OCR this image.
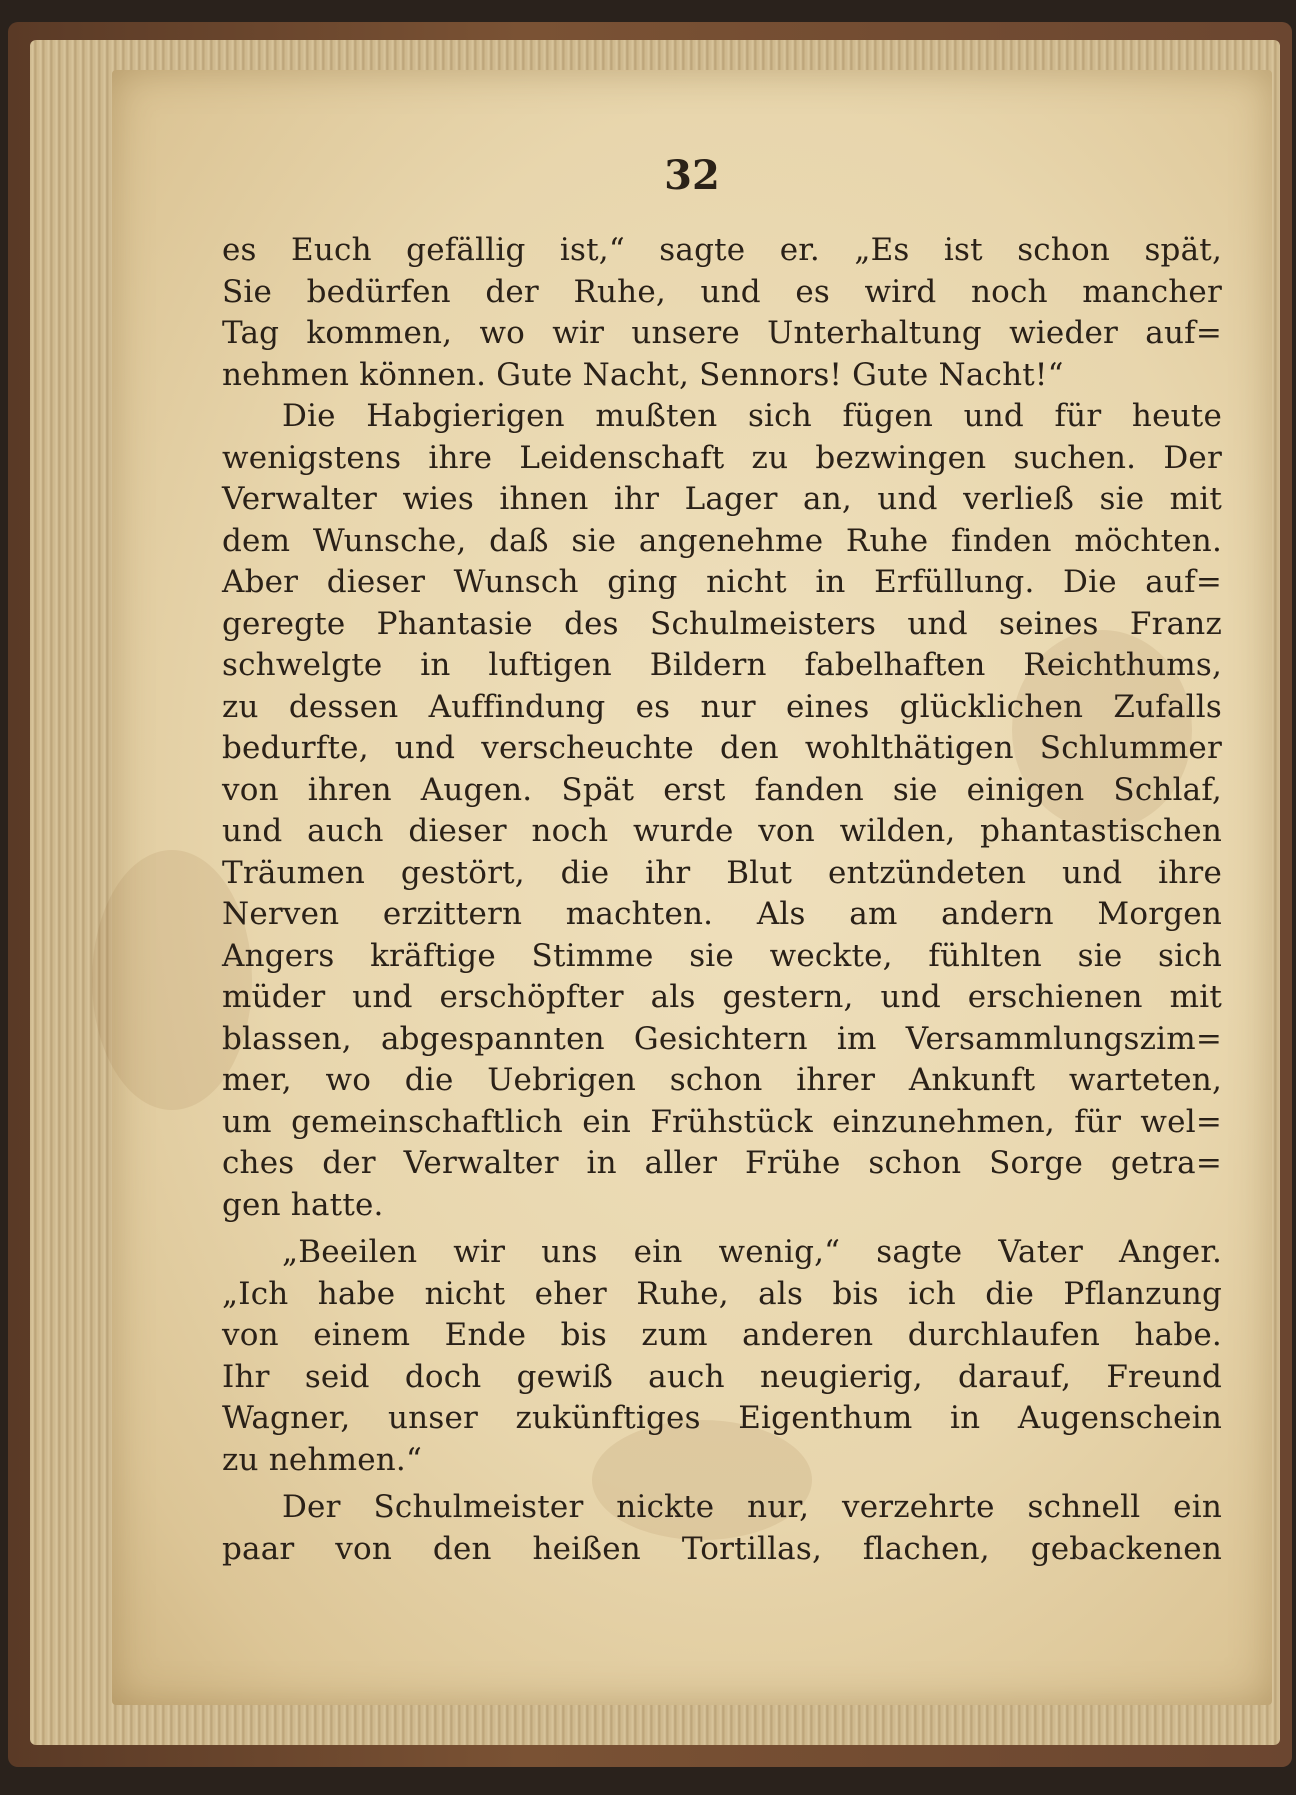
32
es Euch gefällig ist,“ sagte er. „Es ist schon spät,
Sie bedürfen der Ruhe, und es wird noch mancher
Tag kommen, wo wir unsere Unterhaltung wieder auf=
nehmen können. Gute Nacht, Sennors! Gute Nacht!“
Die Habgierigen mußten sich fügen und für heute
wenigstens ihre Leidenschaft zu bezwingen suchen. Der
Verwalter wies ihnen ihr Lager an, und verließ sie mit
dem Wunsche, daß sie angenehme Ruhe finden möchten.
Aber dieser Wunsch ging nicht in Erfüllung. Die auf=
geregte Phantasie des Schulmeisters und seines Franz
schwelgte in luftigen Bildern fabelhaften Reichthums,
zu dessen Auffindung es nur eines glücklichen Zufalls
bedurfte, und verscheuchte den wohlthätigen Schlummer
von ihren Augen. Spät erst fanden sie einigen Schlaf,
und auch dieser noch wurde von wilden, phantastischen
Träumen gestört, die ihr Blut entzündeten und ihre
Nerven erzittern machten. Als am andern Morgen
Angers kräftige Stimme sie weckte, fühlten sie sich
müder und erschöpfter als gestern, und erschienen mit
blassen, abgespannten Gesichtern im Versammlungszim=
mer, wo die Uebrigen schon ihrer Ankunft warteten,
um gemeinschaftlich ein Frühstück einzunehmen, für wel=
ches der Verwalter in aller Frühe schon Sorge getra=
gen hatte.
„Beeilen wir uns ein wenig,“ sagte Vater Anger.
„Ich habe nicht eher Ruhe, als bis ich die Pflanzung
von einem Ende bis zum anderen durchlaufen habe.
Ihr seid doch gewiß auch neugierig, darauf, Freund
Wagner, unser zukünftiges Eigenthum in Augenschein
zu nehmen.“
Der Schulmeister nickte nur, verzehrte schnell ein
paar von den heißen Tortillas, flachen, gebackenen
